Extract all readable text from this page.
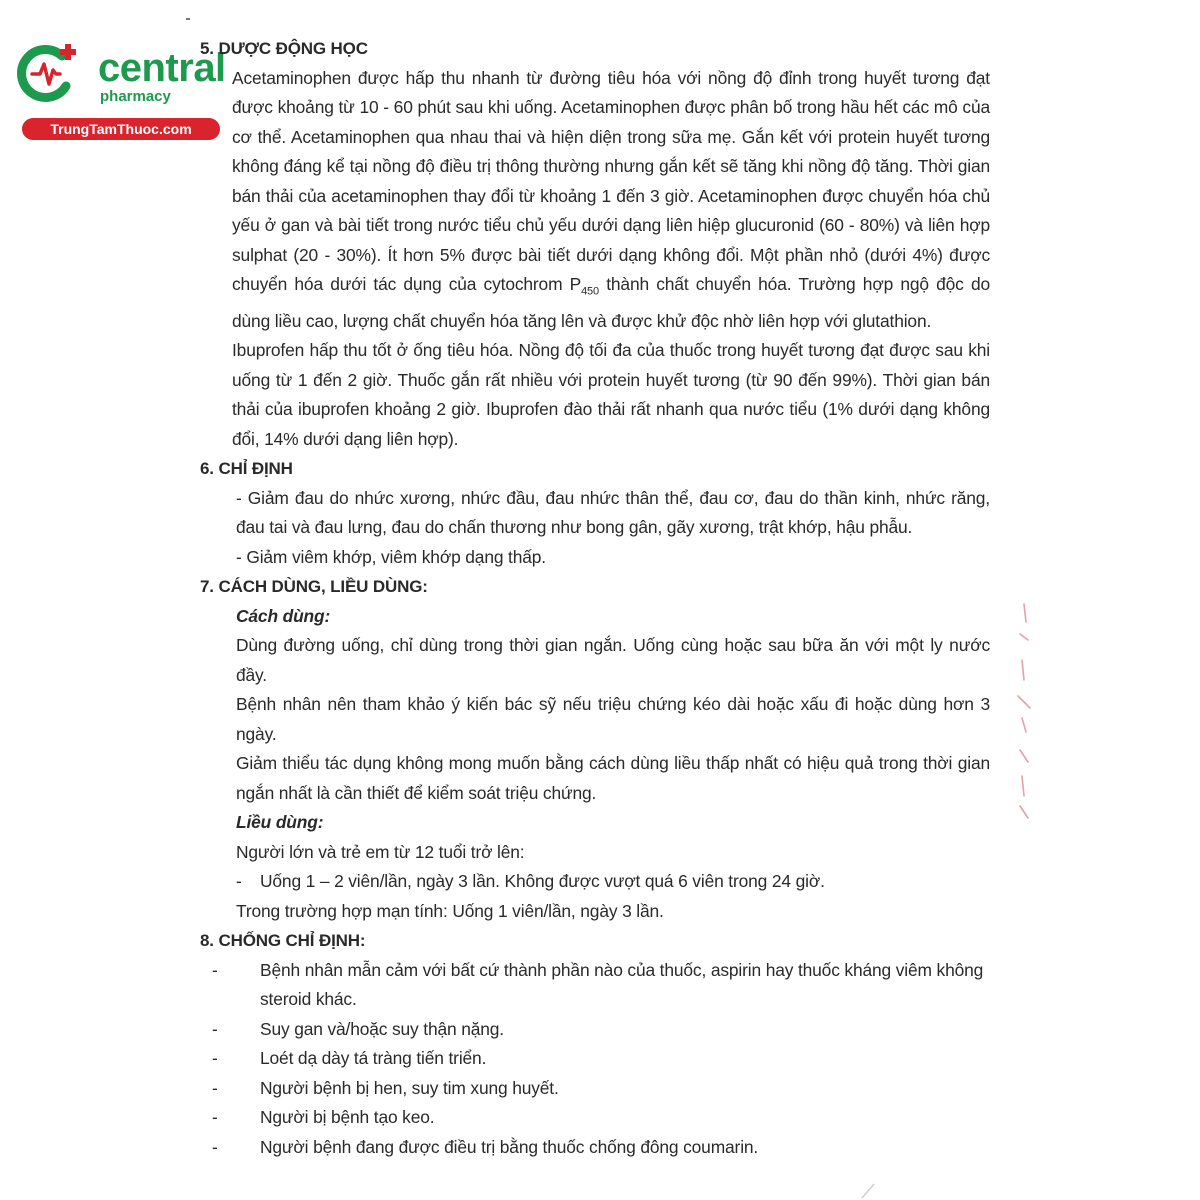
central
pharmacy
TrungTamThuoc.com
5. DƯỢC ĐỘNG HỌC
Acetaminophen được hấp thu nhanh từ đường tiêu hóa với nồng độ đỉnh trong huyết tương đạt được khoảng từ 10 - 60 phút sau khi uống. Acetaminophen được phân bố trong hầu hết các mô của cơ thể. Acetaminophen qua nhau thai và hiện diện trong sữa mẹ. Gắn kết với protein huyết tương không đáng kể tại nồng độ điều trị thông thường nhưng gắn kết sẽ tăng khi nồng độ tăng. Thời gian bán thải của acetaminophen thay đổi từ khoảng 1 đến 3 giờ. Acetaminophen được chuyển hóa chủ yếu ở gan và bài tiết trong nước tiểu chủ yếu dưới dạng liên hiệp glucuronid (60 - 80%) và liên hợp sulphat (20 - 30%). Ít hơn 5% được bài tiết dưới dạng không đổi. Một phần nhỏ (dưới 4%) được chuyển hóa dưới tác dụng của cytochrom $P_{450}$ thành chất chuyển hóa. Trường hợp ngộ độc do dùng liều cao, lượng chất chuyển hóa tăng lên và được khử độc nhờ liên hợp với glutathion.
Ibuprofen hấp thu tốt ở ống tiêu hóa. Nồng độ tối đa của thuốc trong huyết tương đạt được sau khi uống từ 1 đến 2 giờ. Thuốc gắn rất nhiều với protein huyết tương (từ 90 đến 99%). Thời gian bán thải của ibuprofen khoảng 2 giờ. Ibuprofen đào thải rất nhanh qua nước tiểu (1% dưới dạng không đổi, 14% dưới dạng liên hợp).
6. CHỈ ĐỊNH
- Giảm đau do nhức xương, nhức đầu, đau nhức thân thể, đau cơ, đau do thần kinh, nhức răng, đau tai và đau lưng, đau do chấn thương như bong gân, gãy xương, trật khớp, hậu phẫu.
- Giảm viêm khớp, viêm khớp dạng thấp.
7. CÁCH DÙNG, LIỀU DÙNG:
Cách dùng:
Dùng đường uống, chỉ dùng trong thời gian ngắn. Uống cùng hoặc sau bữa ăn với một ly nước đầy.
Bệnh nhân nên tham khảo ý kiến bác sỹ nếu triệu chứng kéo dài hoặc xấu đi hoặc dùng hơn 3 ngày.
Giảm thiểu tác dụng không mong muốn bằng cách dùng liều thấp nhất có hiệu quả trong thời gian ngắn nhất là cần thiết để kiểm soát triệu chứng.
Liều dùng:
Người lớn và trẻ em từ 12 tuổi trở lên:
- Uống 1 – 2 viên/lần, ngày 3 lần. Không được vượt quá 6 viên trong 24 giờ.
Trong trường hợp mạn tính: Uống 1 viên/lần, ngày 3 lần.
8. CHỐNG CHỈ ĐỊNH:
- Bệnh nhân mẫn cảm với bất cứ thành phần nào của thuốc, aspirin hay thuốc kháng viêm không steroid khác.
- Suy gan và/hoặc suy thận nặng.
- Loét dạ dày tá tràng tiến triển.
- Người bệnh bị hen, suy tim xung huyết.
- Người bị bệnh tạo keo.
- Người bệnh đang được điều trị bằng thuốc chống đông coumarin.
